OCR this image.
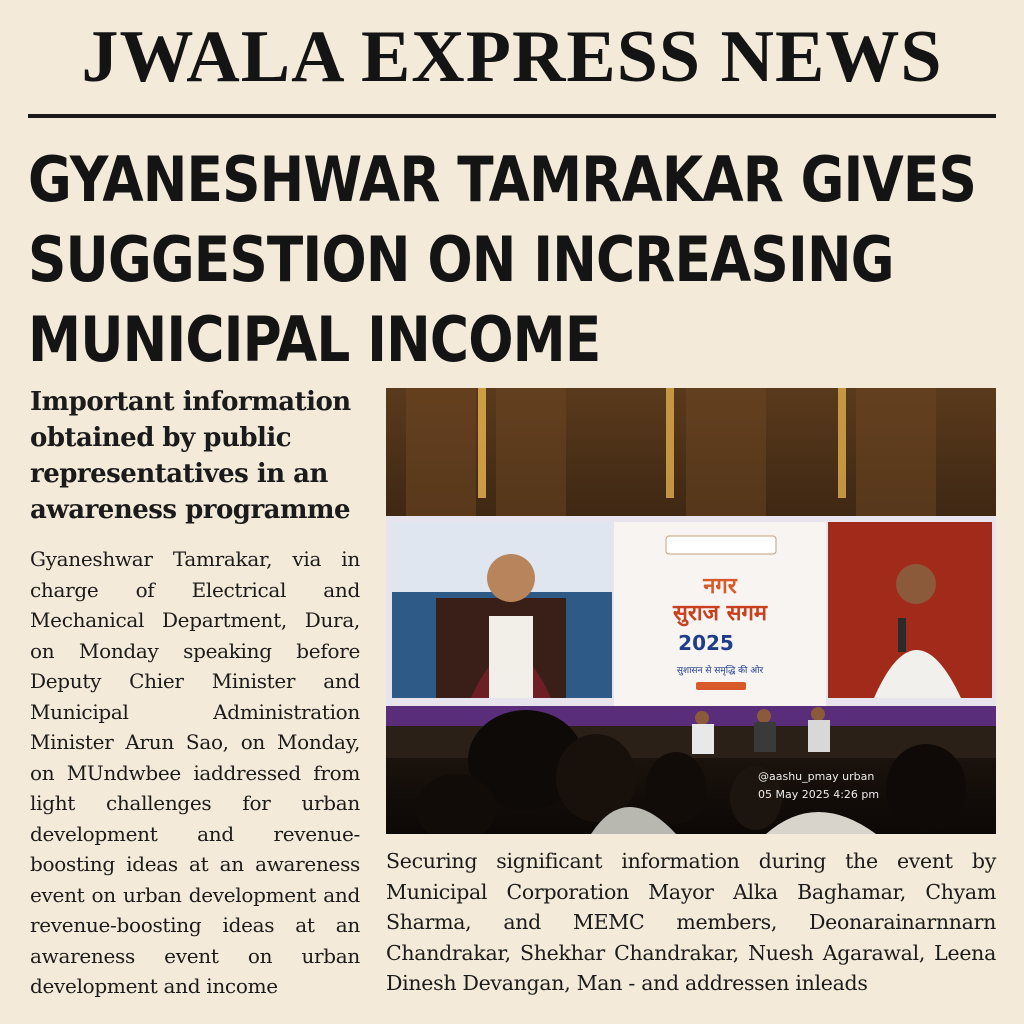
JWALA EXPRESS NEWS
GYANESHWAR TAMRAKAR GIVES SUGGESTION ON INCREASING MUNICIPAL INCOME
Important information obtained by public representatives in an awareness programme
Gyaneshwar Tamrakar, via in charge of Electrical and Mechanical Department, Dura, on Monday speaking before Deputy Chier Minister and Municipal Administration Minister Arun Sao, on Monday, on MUndwbee iaddressed from light challenges for urban development and revenue-boosting ideas at an awareness event on urban development and revenue-boosting ideas at an awareness event on urban development and income
नगर
सुराज सगम
2025
सुशासन से समृद्धि की ओर
@aashu_pmay urban
05 May 2025 4:26 pm
Securing significant information during the event by Municipal Corporation Mayor Alka Baghamar, Chyam Sharma, and MEMC members, Deonarainarnnarn Chandrakar, Shekhar Chandrakar, Nuesh Agarawal, Leena Dinesh Devangan, Man - and addressen inleads
